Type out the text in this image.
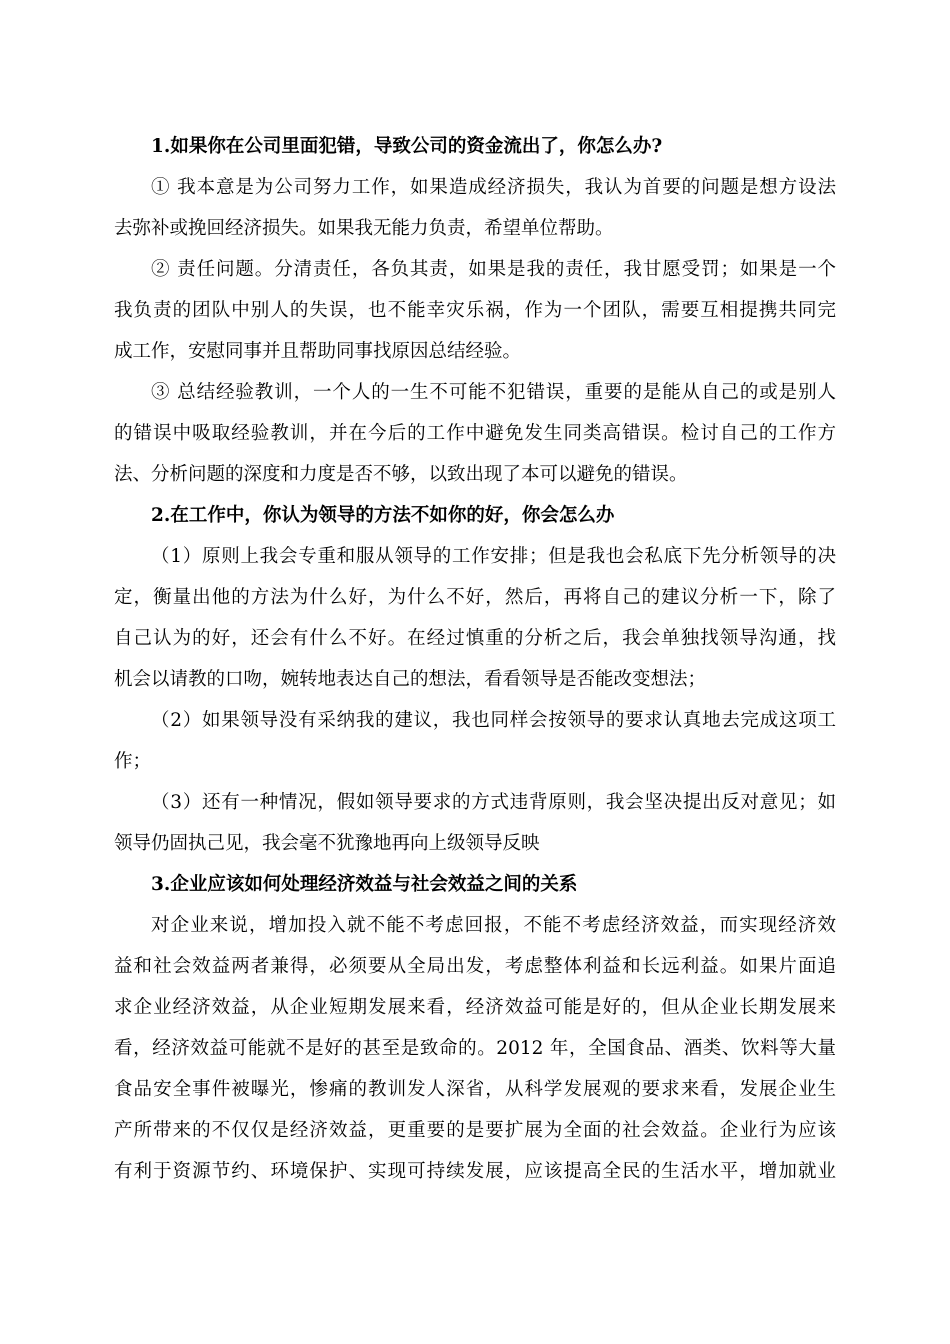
1.如果你在公司里面犯错，导致公司的资金流出了，你怎么办?
① 我本意是为公司努力工作，如果造成经济损失，我认为首要的问题是想方设法
去弥补或挽回经济损失。如果我无能力负责，希望单位帮助。
② 责任问题。分清责任，各负其责，如果是我的责任，我甘愿受罚；如果是一个
我负责的团队中别人的失误，也不能幸灾乐祸，作为一个团队，需要互相提携共同完
成工作，安慰同事并且帮助同事找原因总结经验。
③ 总结经验教训，一个人的一生不可能不犯错误，重要的是能从自己的或是别人
的错误中吸取经验教训，并在今后的工作中避免发生同类高错误。检讨自己的工作方
法、分析问题的深度和力度是否不够，以致出现了本可以避免的错误。
2.在工作中，你认为领导的方法不如你的好，你会怎么办
（1）原则上我会专重和服从领导的工作安排；但是我也会私底下先分析领导的决
定，衡量出他的方法为什么好，为什么不好，然后，再将自己的建议分析一下，除了
自己认为的好，还会有什么不好。在经过慎重的分析之后，我会单独找领导沟通，找
机会以请教的口吻，婉转地表达自己的想法，看看领导是否能改变想法；
（2）如果领导没有采纳我的建议，我也同样会按领导的要求认真地去完成这项工
作；
（3）还有一种情况，假如领导要求的方式违背原则，我会坚决提出反对意见；如
领导仍固执己见，我会毫不犹豫地再向上级领导反映
3.企业应该如何处理经济效益与社会效益之间的关系
对企业来说，增加投入就不能不考虑回报，不能不考虑经济效益，而实现经济效
益和社会效益两者兼得，必须要从全局出发，考虑整体利益和长远利益。如果片面追
求企业经济效益，从企业短期发展来看，经济效益可能是好的，但从企业长期发展来
看，经济效益可能就不是好的甚至是致命的。2012 年，全国食品、酒类、饮料等大量
食品安全事件被曝光，惨痛的教训发人深省，从科学发展观的要求来看，发展企业生
产所带来的不仅仅是经济效益，更重要的是要扩展为全面的社会效益。企业行为应该
有利于资源节约、环境保护、实现可持续发展，应该提高全民的生活水平，增加就业
